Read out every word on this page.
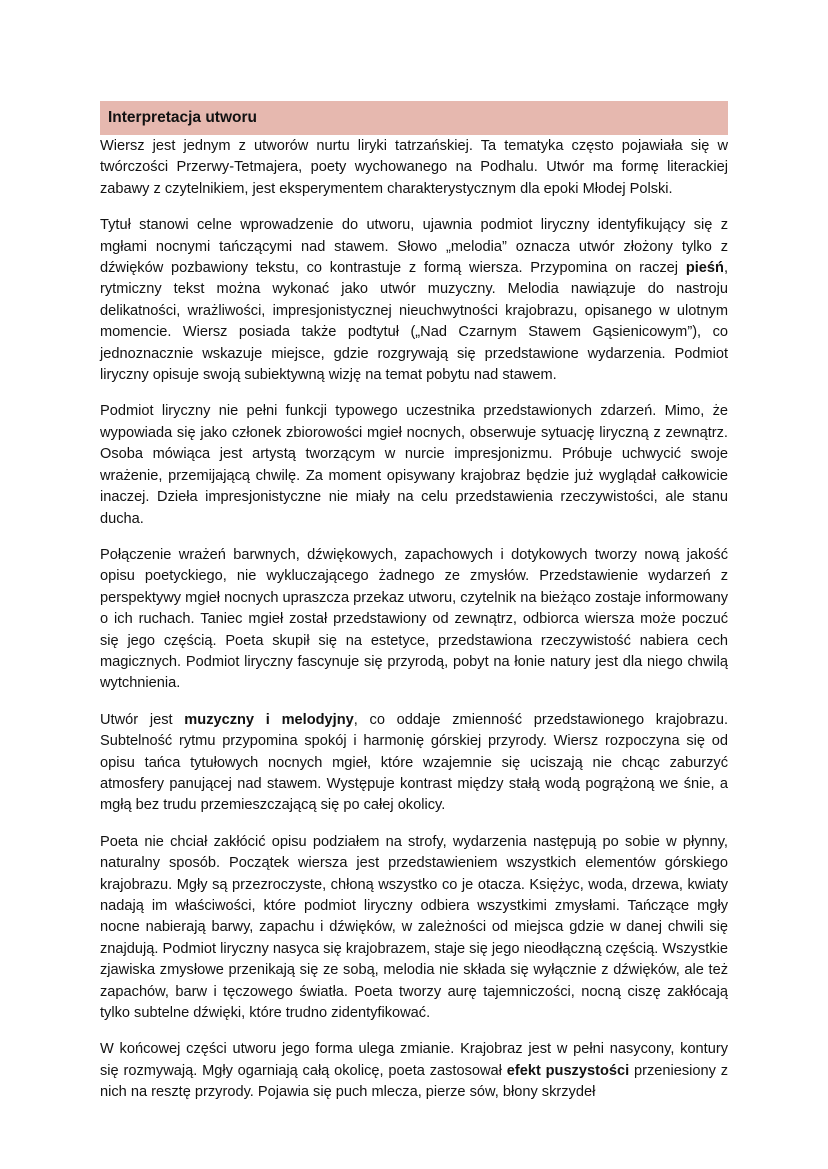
Interpretacja utworu

Wiersz jest jednym z utworów nurtu liryki tatrzańskiej. Ta tematyka często pojawiała się w twórczości Przerwy-Tetmajera, poety wychowanego na Podhalu. Utwór ma formę literackiej zabawy z czytelnikiem, jest eksperymentem charakterystycznym dla epoki Młodej Polski.

Tytuł stanowi celne wprowadzenie do utworu, ujawnia podmiot liryczny identyfikujący się z mgłami nocnymi tańczącymi nad stawem. Słowo „melodia” oznacza utwór złożony tylko z dźwięków pozbawiony tekstu, co kontrastuje z formą wiersza. Przypomina on raczej pieśń, rytmiczny tekst można wykonać jako utwór muzyczny. Melodia nawiązuje do nastroju delikatności, wrażliwości, impresjonistycznej nieuchwytności krajobrazu, opisanego w ulotnym momencie. Wiersz posiada także podtytuł („Nad Czarnym Stawem Gąsienicowym”), co jednoznacznie wskazuje miejsce, gdzie rozgrywają się przedstawione wydarzenia. Podmiot liryczny opisuje swoją subiektywną wizję na temat pobytu nad stawem.

Podmiot liryczny nie pełni funkcji typowego uczestnika przedstawionych zdarzeń. Mimo, że wypowiada się jako członek zbiorowości mgieł nocnych, obserwuje sytuację liryczną z zewnątrz. Osoba mówiąca jest artystą tworzącym w nurcie impresjonizmu. Próbuje uchwycić swoje wrażenie, przemijającą chwilę. Za moment opisywany krajobraz będzie już wyglądał całkowicie inaczej. Dzieła impresjonistyczne nie miały na celu przedstawienia rzeczywistości, ale stanu ducha.

Połączenie wrażeń barwnych, dźwiękowych, zapachowych i dotykowych tworzy nową jakość opisu poetyckiego, nie wykluczającego żadnego ze zmysłów. Przedstawienie wydarzeń z perspektywy mgieł nocnych upraszcza przekaz utworu, czytelnik na bieżąco zostaje informowany o ich ruchach. Taniec mgieł został przedstawiony od zewnątrz, odbiorca wiersza może poczuć się jego częścią. Poeta skupił się na estetyce, przedstawiona rzeczywistość nabiera cech magicznych. Podmiot liryczny fascynuje się przyrodą, pobyt na łonie natury jest dla niego chwilą wytchnienia.

Utwór jest muzyczny i melodyjny, co oddaje zmienność przedstawionego krajobrazu. Subtelność rytmu przypomina spokój i harmonię górskiej przyrody. Wiersz rozpoczyna się od opisu tańca tytułowych nocnych mgieł, które wzajemnie się uciszają nie chcąc zaburzyć atmosfery panującej nad stawem. Występuje kontrast między stałą wodą pogrążoną we śnie, a mgłą bez trudu przemieszczającą się po całej okolicy.

Poeta nie chciał zakłócić opisu podziałem na strofy, wydarzenia następują po sobie w płynny, naturalny sposób. Początek wiersza jest przedstawieniem wszystkich elementów górskiego krajobrazu. Mgły są przezroczyste, chłoną wszystko co je otacza. Księżyc, woda, drzewa, kwiaty nadają im właściwości, które podmiot liryczny odbiera wszystkimi zmysłami. Tańczące mgły nocne nabierają barwy, zapachu i dźwięków, w zależności od miejsca gdzie w danej chwili się znajdują. Podmiot liryczny nasyca się krajobrazem, staje się jego nieodłączną częścią. Wszystkie zjawiska zmysłowe przenikają się ze sobą, melodia nie składa się wyłącznie z dźwięków, ale też zapachów, barw i tęczowego światła. Poeta tworzy aurę tajemniczości, nocną ciszę zakłócają tylko subtelne dźwięki, które trudno zidentyfikować.

W końcowej części utworu jego forma ulega zmianie. Krajobraz jest w pełni nasycony, kontury się rozmywają. Mgły ogarniają całą okolicę, poeta zastosował efekt puszystości przeniesiony z nich na resztę przyrody. Pojawia się puch mlecza, pierze sów, błony skrzydeł
